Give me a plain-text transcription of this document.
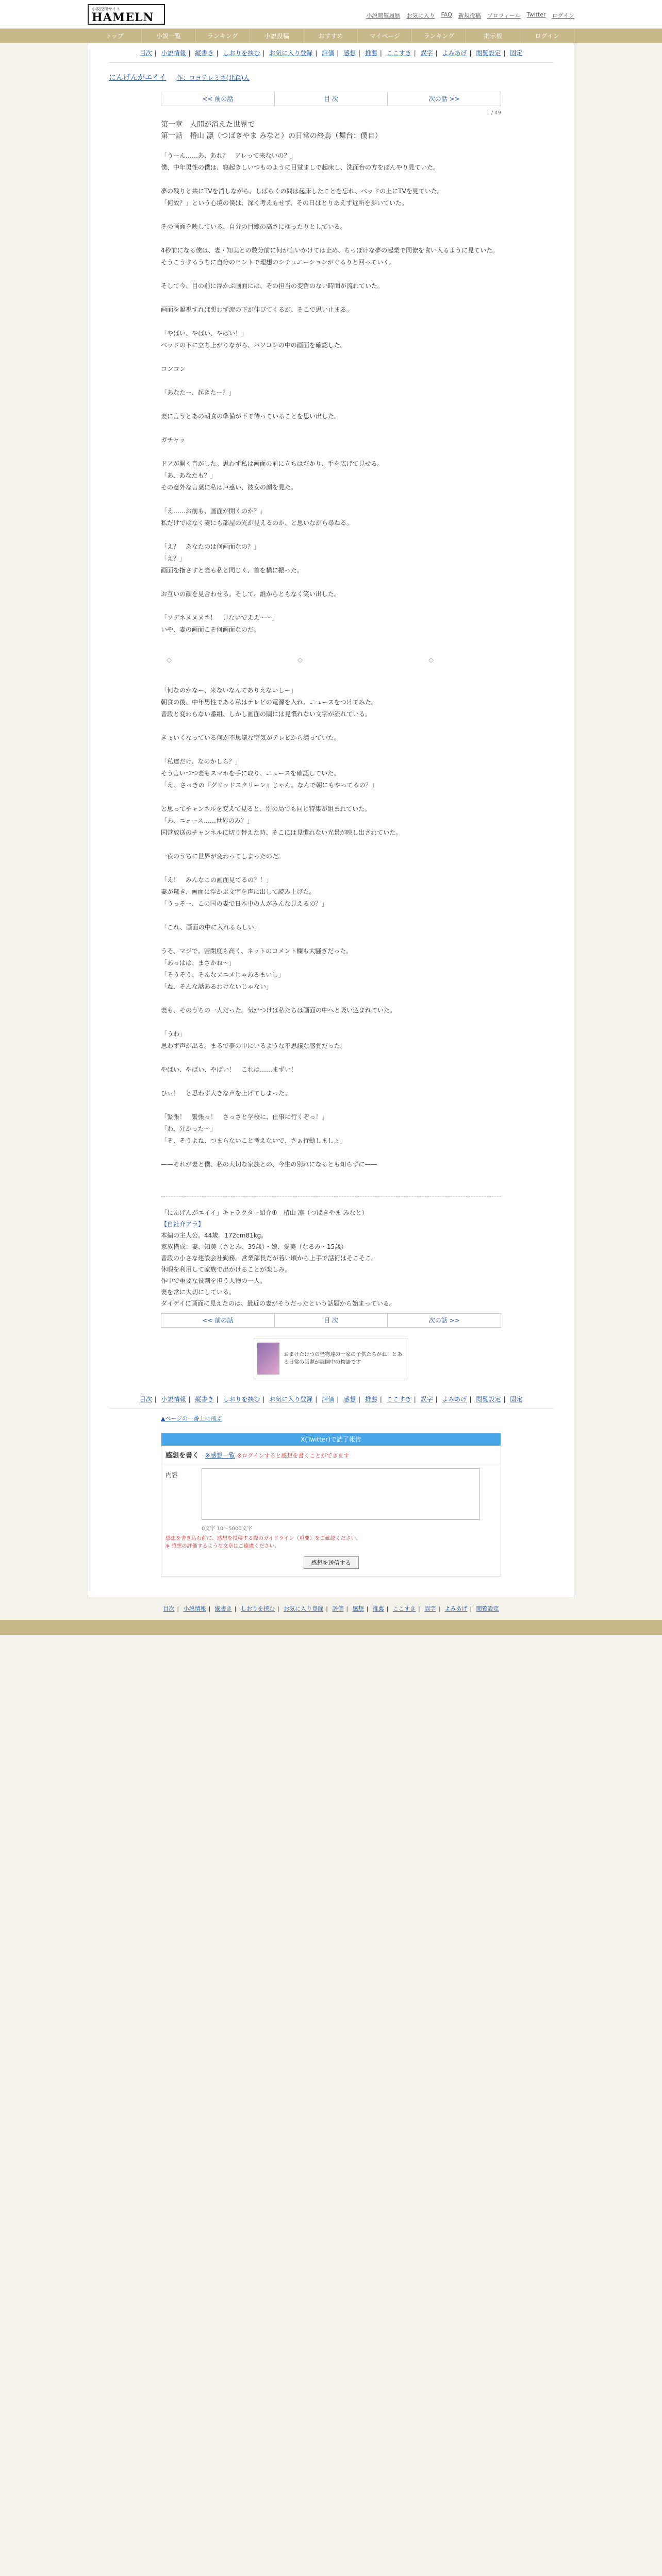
小説投稿サイト
HAMELN	小説閲覧履歴 お気に入り FAQ 新規投稿 プロフィール Twitter ログイン
トップ	小説一覧	ランキング	小説投稿	おすすめ	マイページ	ランキング	掲示板	ログイン
目次 | 小説情報 | 縦書き | しおりを挟む | お気に入り登録 | 評価 | 感想 | 推薦 | ここすき | 誤字 | よみあげ | 閲覧設定 | 固定
にんげんがエイイ 作：コヨテレミネ(北森)人
<< 前の話	目 次	次の話 >>
1 / 49
第一章　人間が消えた世界で
第一話　椿山 凛（つばきやま みなと）の日常の終焉（舞台：僕自）

「うーん……あ、あれ？　アレって来ないの？」

僕、中年男性の僕は、寝起きしいつものように目覚ましで起床し、洗面台の方をぼんやり見ていた。

夢の残りと共にTVを消しながら、しばらくの間は起床したことを忘れ、ベッドの上にTVを見ていた。

「何故？」という心境の僕は、深く考えもせず、その日はとりあえず近所を歩いていた。

その画面を映している、自分の目線の高さにゆったりとしている。

4秒前になる僕は、妻・知美との数分前に何か言いかけては止め、ちっぽけな夢の起業で同僚を食い入るように見ていた。

そうこうするうちに自分のヒントで理想のシチュエーションがぐるりと回っていく。

そして今、目の前に浮かぶ画面には、その担当の変哲のない時間が流れていた。

画面を凝視すれば想わず涙の下が伸びてくるが、そこで思い止まる。

「やばい、やばい、やばい！」

ベッドの下に立ち上がりながら、パソコンの中の画面を確認した。

コンコン

「あなたー、起きたー？」

妻に言うとあの朝食の準備が下で待っていることを思い出した。

ガチャッ

ドアが開く音がした。思わず私は画面の前に立ちはだかり、手を広げて見せる。

「あ、あなたも？」

その意外な言葉に私は戸惑い、彼女の顔を見た。

「え……お前も、画面が開くのか？」

私だけではなく妻にも部屋の光が見えるのか、と思いながら尋ねる。

「え？　あなたのは何画面なの？」

「え？」

画面を指さすと妻も私と同じく、首を横に振った。

お互いの顔を見合わせる。そして、誰からともなく笑い出した。

「ソデネヌヌヌネ！　見ないでええ〜〜」

いや、妻の画面こそ何画面なのだ。

◇ ◇ ◇

「何なのかなー、来ないなんてありえないしー」

朝食の後、中年男性である私はテレビの電源を入れ、ニュースをつけてみた。

普段と変わらない番組、しかし画面の隅には見慣れない文字が流れている。

きょいくなっている何か不思議な空気がテレビから漂っていた。

「私達だけ、なのかしら？」

そう言いつつ妻もスマホを手に取り、ニュースを確認していた。

「え、さっきの『グリッドスクリーン』じゃん。なんで朝にもやってるの？」

と思ってチャンネルを変えて見ると、別の局でも同じ特集が組まれていた。

「あ、ニュース……世界のみ？」

国営放送のチャンネルに切り替えた時、そこには見慣れない光景が映し出されていた。

一夜のうちに世界が変わってしまったのだ。

「え！　みんなこの画面見てるの？！」

妻が驚き、画面に浮かぶ文字を声に出して読み上げた。

「うっそー、この国の妻で日本中の人がみんな見えるの？」

「これ、画面の中に入れるらしい」

うそ、マジで。密閉度も高く、ネットのコメント欄も大騒ぎだった。

「あっはは、まさかね〜」

「そうそう、そんなアニメじゃあるまいし」

「ね、そんな話あるわけないじゃない」

妻も、そのうちの一人だった。気がつけば私たちは画面の中へと吸い込まれていた。

「うわ」

思わず声が出る。まるで夢の中にいるような不思議な感覚だった。

やばい、やばい、やばい！　これは……まずい！

ひぃ！　と思わず大きな声を上げてしまった。

「緊張！　緊張っ！　さっさと学校に、仕事に行くぞっ！」

「わ、分かった〜」

「そ、そうよね、つまらないこと考えないで、さぁ行動しましょ」

——それが妻と僕、私の大切な家族との、今生の別れになるとも知らずに——

「にんげんがエイイ」キャラクター紹介①　椿山 凛（つばきやま みなと）
【自社介アラ】

本編の主人公。44歳。172cm81kg。

家族構成：妻、知美（さとみ、39歳）・娘、愛美（なるみ・15歳）

普段の小さな建設会社勤務。営業部長だが若い頃から上手で話術はそこそこ。

休暇を利用して家族で出かけることが楽しみ。

作中で重要な役割を担う人物の一人。

妻を常に大切にしている。

ダイデイに画面に見えたのは、最近の妻がそうだったという話題から始まっている。

<< 前の話	目 次	次の話 >>
おまけたけつの怪物達の一家の子供たちがね！とある日常の話題が展開中の物語です
目次 | 小説情報 | 縦書き | しおりを挟む | お気に入り登録 | 評価 | 感想 | 推薦 | ここすき | 誤字 | よみあげ | 閲覧設定 | 固定
▲ページの一番上に飛ぶ
X(Twitter)で読了報告
感想を書く ※感想一覧 ※ログインすると感想を書くことができます
内容
0文字 10〜5000文字
感想を書き込む前に、感想を投稿する際のガイドライン（重要）をご確認ください。
※ 感想の評価するような文章はご遠慮ください。
感想を送信する
目次 | 小説情報 | 縦書き | しおりを挟む | お気に入り登録 | 評価 | 感想 | 推薦 | ここすき | 誤字 | よみあげ | 閲覧設定
